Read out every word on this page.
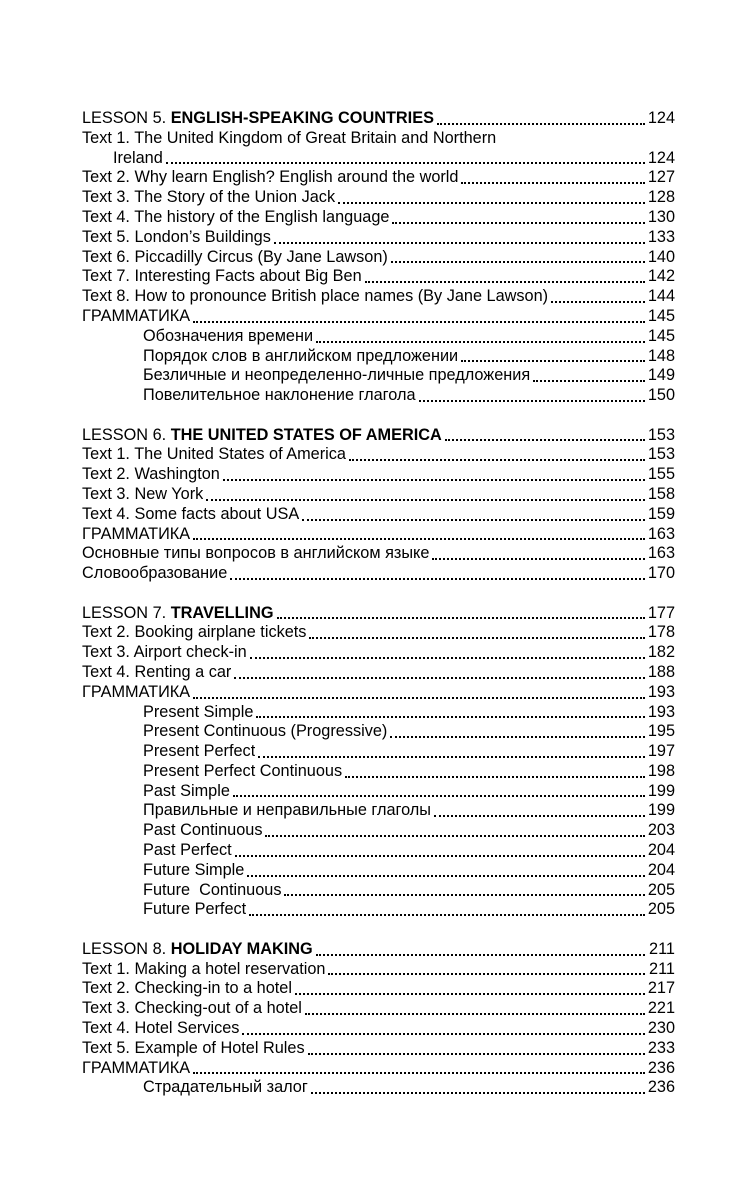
LESSON 5. ENGLISH-SPEAKING COUNTRIES	124
Text 1. The United Kingdom of Great Britain and Northern
Ireland	124
Text 2. Why learn English? English around the world	127
Text 3. The Story of the Union Jack	128
Text 4. The history of the English language	130
Text 5. London’s Buildings	133
Text 6. Piccadilly Circus (By Jane Lawson)	140
Text 7. Interesting Facts about Big Ben	142
Text 8. How to pronounce British place names (By Jane Lawson)	144
ГРАММАТИКА	145
Обозначения времени	145
Порядок слов в английском предложении	148
Безличные и неопределенно-личные предложения	149
Повелительное наклонение глагола	150
LESSON 6. THE UNITED STATES OF AMERICA	153
Text 1. The United States of America	153
Text 2. Washington	155
Text 3. New York	158
Text 4. Some facts about USA	159
ГРАММАТИКА	163
Основные типы вопросов в английском языке	163
Словообразование	170
LESSON 7. TRAVELLING	177
Text 2. Booking airplane tickets	178
Text 3. Airport check-in	182
Text 4. Renting a car	188
ГРАММАТИКА	193
Present Simple	193
Present Continuous (Progressive)	195
Present Perfect	197
Present Perfect Continuous	198
Past Simple	199
Правильные и неправильные глаголы	199
Past Continuous	203
Past Perfect	204
Future Simple	204
Future  Continuous	205
Future Perfect	205
LESSON 8. HOLIDAY MAKING	211
Text 1. Making a hotel reservation	211
Text 2. Checking-in to a hotel	217
Text 3. Checking-out of a hotel	221
Text 4. Hotel Services	230
Text 5. Example of Hotel Rules	233
ГРАММАТИКА	236
Страдательный залог	236
